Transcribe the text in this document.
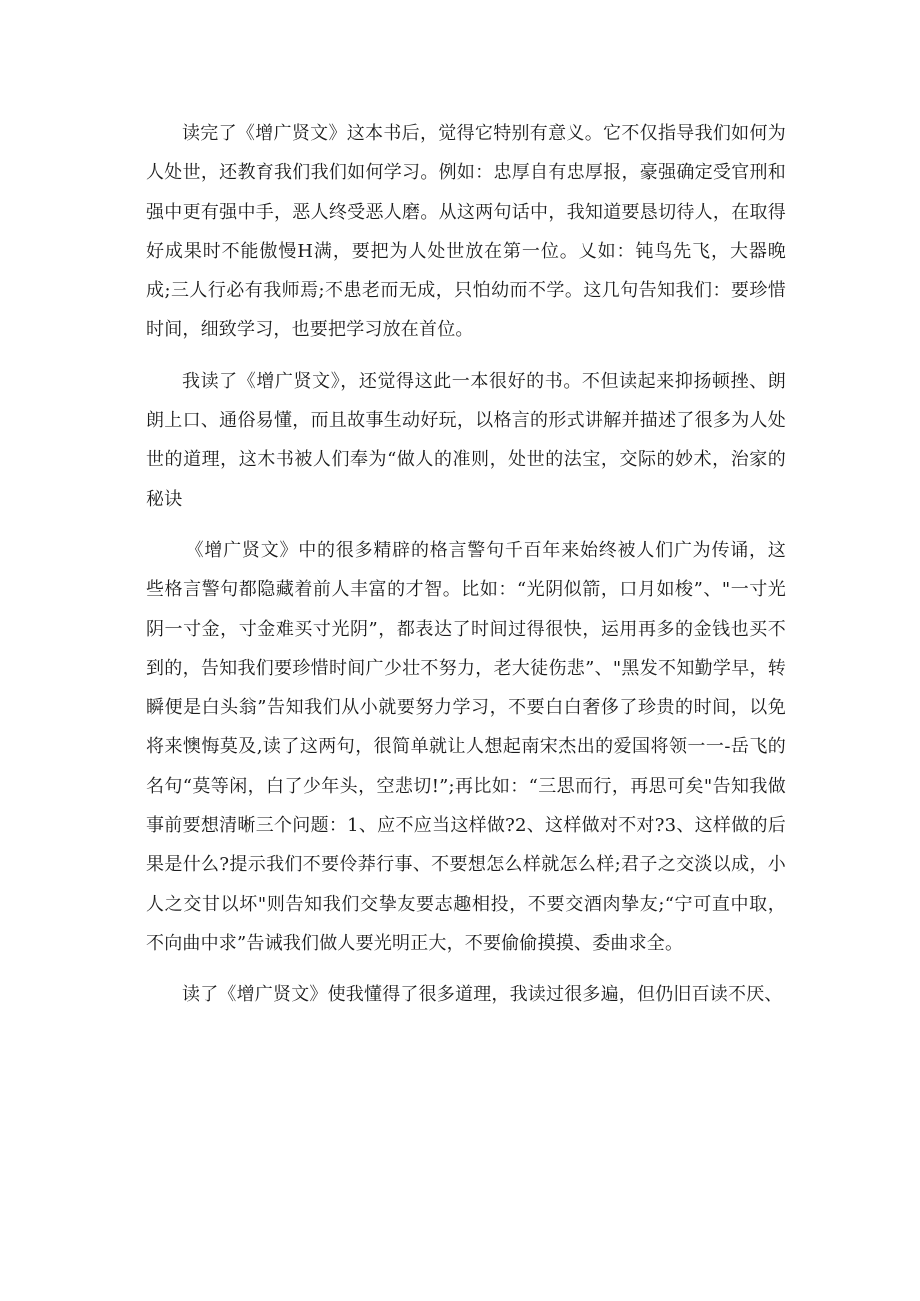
读完了《增广贤文》这本书后，觉得它特别有意义。它不仅指导我们如何为人处世，还教育我们我们如何学习。例如：忠厚自有忠厚报，豪强确定受官刑和强中更有强中手，恶人终受恶人磨。从这两句话中，我知道要恳切待人，在取得好成果时不能傲慢H满，要把为人处世放在第一位。乂如：钝鸟先飞，大器晚成;三人行必有我师焉;不患老而无成，只怕幼而不学。这几句告知我们：要珍惜时间，细致学习，也要把学习放在首位。

我读了《增广贤文》，还觉得这此一本很好的书。不但读起来抑扬顿挫、朗朗上口、通俗易懂，而且故事生动好玩，以格言的形式讲解并描述了很多为人处世的道理，这木书被人们奉为“做人的准则，处世的法宝，交际的妙术，治家的秘诀

《增广贤文》中的很多精辟的格言警句千百年来始终被人们广为传诵，这些格言警句都隐藏着前人丰富的才智。比如：“光阴似箭，口月如梭”、"一寸光阴一寸金，寸金难买寸光阴”，都表达了时间过得很快，运用再多的金钱也买不到的，告知我们要珍惜时间广少壮不努力，老大徒伤悲”、"黑发不知勤学早，转瞬便是白头翁”告知我们从小就要努力学习，不要白白奢侈了珍贵的时间，以免将来懊悔莫及,读了这两句，很简单就让人想起南宋杰出的爱国将领一一-岳飞的名句“莫等闲，白了少年头，空悲切!”;再比如：“三思而行，再思可矣"告知我做事前要想清晰三个问题：1、应不应当这样做?2、这样做对不对?3、这样做的后果是什么?提示我们不要伶莽行事、不要想怎么样就怎么样;君子之交淡以成，小人之交甘以坏"则告知我们交挚友要志趣相投，不要交酒肉挚友;“宁可直中取，不向曲中求”告诫我们做人要光明正大，不要偷偷摸摸、委曲求全。

读了《增广贤文》使我懂得了很多道理，我读过很多遍，但仍旧百读不厌、
